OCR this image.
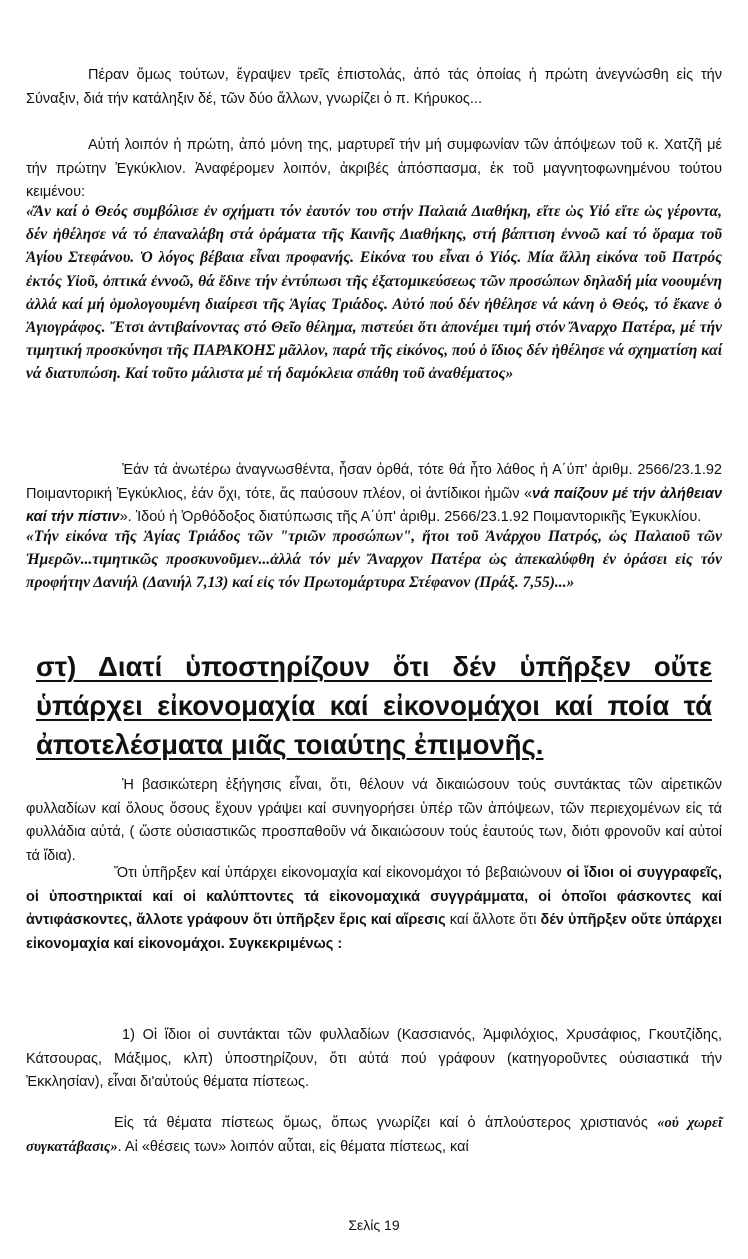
Πέραν ὅμως τούτων, ἔγραψεν τρεῖς ἐπιστολάς, ἀπό τάς ὁποίας ἡ πρώτη ἀνεγνώσθη εἰς τήν Σύναξιν, διά τήν κατάληξιν δέ, τῶν δύο ἄλλων, γνωρίζει ὁ π. Κήρυκος...

Αὐτή λοιπόν ἡ πρώτη, ἀπό μόνη της, μαρτυρεῖ τήν μή συμφωνίαν τῶν ἀπόψεων τοῦ κ. Χατζῆ μέ τήν πρώτην Ἐγκύκλιον. Ἀναφέρομεν λοιπόν, ἀκριβές ἀπόσπασμα, ἐκ τοῦ μαγνητοφωνημένου τούτου κειμένου:

«Ἄν καί ὁ Θεός συμβόλισε ἐν σχήματι τόν ἑαυτόν του στήν Παλαιά Διαθήκη, εἴτε ὡς Υἱό εἴτε ὡς γέροντα, δέν ἠθέλησε νά τό ἐπαναλάβη στά ὁράματα τῆς Καινῆς Διαθήκης, στή βάπτιση ἐννοῶ καί τό ὅραμα τοῦ Ἁγίου Στεφάνου. Ὁ λόγος βέβαια εἶναι προφανής. Εἰκόνα του εἶναι ὁ Υἱός. Μία ἄλλη εἰκόνα τοῦ Πατρός ἐκτός Υἱοῦ, ὀπτικά ἐννοῶ, θά ἔδινε τήν ἐντύπωσι τῆς ἐξατομικεύσεως τῶν προσώπων δηλαδή μία νοουμένη ἀλλά καί μή ὁμολογουμένη διαίρεσι τῆς Ἁγίας Τριάδος. Αὐτό πού δέν ἠθέλησε νά κάνη ὁ Θεός, τό ἔκανε ὁ Ἁγιογράφος. Ἔτσι ἀντιβαίνοντας στό Θεῖο θέλημα, πιστεύει ὅτι ἀπονέμει τιμή στόν Ἄναρχο Πατέρα, μέ τήν τιμητική προσκύνησι τῆς ΠΑΡΑΚΟΗΣ μᾶλλον, παρά τῆς εἰκόνος, πού ὁ ἴδιος δέν ἠθέλησε νά σχηματίση καί νά διατυπώση. Καί τοῦτο μάλιστα μέ τή δαμόκλεια σπάθη τοῦ ἀναθέματος»

Ἐάν τά ἀνωτέρω ἀναγνωσθέντα, ἦσαν ὀρθά, τότε θά ἦτο λάθος ἡ Α΄ύπ' ἀριθμ. 2566/23.1.92 Ποιμαντορική Ἐγκύκλιος, ἐάν ὄχι, τότε, ἄς παύσουν πλέον, οἱ ἀντίδικοι ἡμῶν «νά παίζουν μέ τήν ἀλήθειαν καί τήν πίστιν». Ἰδού ἡ Ὀρθόδοξος διατύπωσις τῆς Α΄ύπ' ἀριθμ. 2566/23.1.92 Ποιμαντορικῆς Ἐγκυκλίου.

«Τήν εἰκόνα τῆς Ἁγίας Τριάδος τῶν "τριῶν προσώπων", ἤτοι τοῦ Ἀνάρχου Πατρός, ὡς Παλαιοῦ τῶν Ἡμερῶν...τιμητικῶς προσκυνοῦμεν...ἀλλά τόν μέν Ἄναρχον Πατέρα ὡς ἀπεκαλύφθη ἐν ὁράσει εἰς τόν προφήτην Δανιήλ (Δανιήλ 7,13) καί εἰς τόν Πρωτομάρτυρα Στέφανον (Πράξ. 7,55)...»

στ) Διατί ὑποστηρίζουν ὅτι δέν ὑπῆρξεν οὔτε ὑπάρχει εἰκονομαχία καί εἰκονομάχοι καί ποία τά ἀποτελέσματα μιᾶς τοιαύτης ἐπιμονῆς.

Ἡ βασικώτερη ἐξήγησις εἶναι, ὅτι, θέλουν νά δικαιώσουν τούς συντάκτας τῶν αἱρετικῶν φυλλαδίων καί ὅλους ὅσους ἔχουν γράψει καί συνηγορήσει ὑπέρ τῶν ἀπόψεων, τῶν περιεχομένων εἰς τά φυλλάδια αὐτά, ( ὥστε οὐσιαστικῶς προσπαθοῦν νά δικαιώσουν τούς ἑαυτούς των, διότι φρονοῦν καί αὐτοί τά ἴδια).

Ὅτι ὑπῆρξεν καί ὑπάρχει εἰκονομαχία καί εἰκονομάχοι τό βεβαιώνουν οἱ ἴδιοι οἱ συγγραφεῖς, οἱ ὑποστηρικταί καί οἱ καλύπτοντες τά εἰκονομαχικά συγγράμματα, οἱ ὁποῖοι φάσκοντες καί ἀντιφάσκοντες, ἄλλοτε γράφουν ὅτι ὑπῆρξεν ἔρις καί αἵρεσις καί ἄλλοτε ὅτι δέν ὑπῆρξεν οὔτε ὑπάρχει εἰκονομαχία καί εἰκονομάχοι. Συγκεκριμένως :

1) Οἱ ἴδιοι οἱ συντάκται τῶν φυλλαδίων (Κασσιανός, Ἀμφιλόχιος, Χρυσάφιος, Γκουτζίδης, Κάτσουρας, Μάξιμος, κλπ) ὑποστηρίζουν, ὅτι αὐτά πού γράφουν (κατηγοροῦντες οὐσιαστικά τήν Ἐκκλησίαν), εἶναι δι'αὐτούς θέματα πίστεως.

Εἰς τά θέματα πίστεως ὅμως, ὅπως γνωρίζει καί ὁ ἁπλούστερος χριστιανός «οὐ χωρεῖ συγκατάβασις». Αἱ «θέσεις των» λοιπόν αὗται, εἰς θέματα πίστεως, καί

Σελίς 19
